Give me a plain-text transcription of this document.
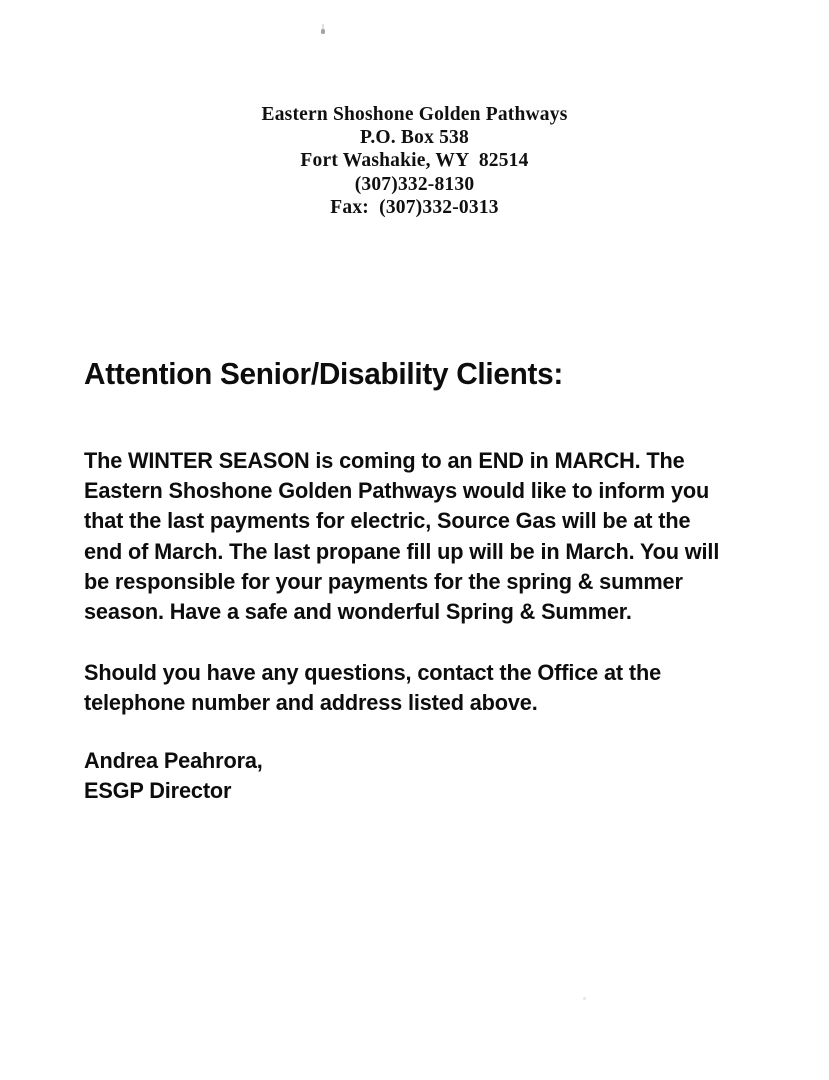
Eastern Shoshone Golden Pathways
P.O. Box 538
Fort Washakie, WY  82514
(307)332-8130
Fax:  (307)332-0313
Attention Senior/Disability Clients:

The WINTER SEASON is coming to an END in MARCH. The Eastern Shoshone Golden Pathways would like to inform you that the last payments for electric, Source Gas will be at the end of March. The last propane fill up will be in March. You will be responsible for your payments for the spring & summer season. Have a safe and wonderful Spring & Summer.

Should you have any questions, contact the Office at the telephone number and address listed above.

Andrea Peahrora,
ESGP Director
